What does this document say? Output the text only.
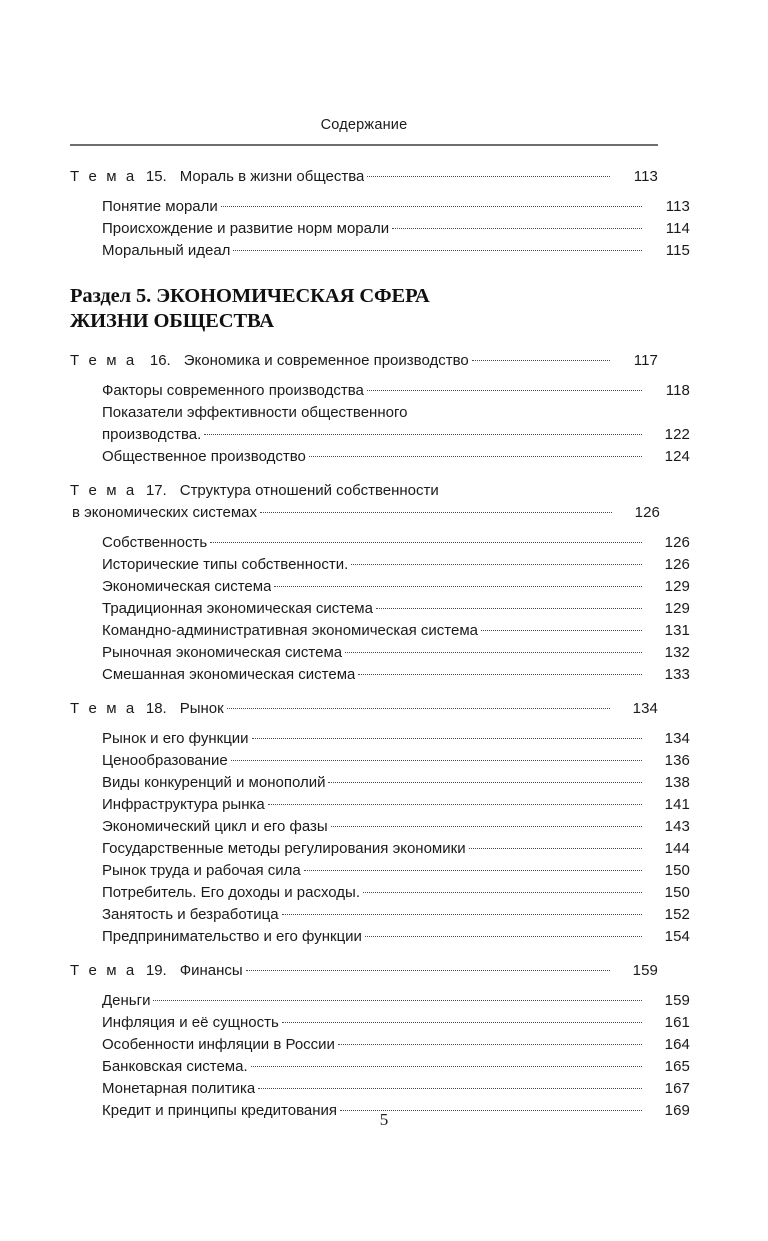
Содержание
Т е м а 15. Мораль в жизни общества	113
Понятие морали	113
Происхождение и развитие норм морали	114
Моральный идеал	115
Раздел 5. ЭКОНОМИЧЕСКАЯ СФЕРА
ЖИЗНИ ОБЩЕСТВА
Т е м а 16. Экономика и современное производство	117
Факторы современного производства	118
Показатели эффективности общественного
производства.	122
Общественное производство	124
Т е м а 17. Структура отношений собственности
в экономических системах	126
Собственность	126
Исторические типы собственности.	126
Экономическая система	129
Традиционная экономическая система	129
Командно-административная экономическая система	131
Рыночная экономическая система	132
Смешанная экономическая система	133
Т е м а 18. Рынок	134
Рынок и его функции	134
Ценообразование	136
Виды конкуренций и монополий	138
Инфраструктура рынка	141
Экономический цикл и его фазы	143
Государственные методы регулирования экономики	144
Рынок труда и рабочая сила	150
Потребитель. Его доходы и расходы.	150
Занятость и безработица	152
Предпринимательство и его функции	154
Т е м а 19. Финансы	159
Деньги	159
Инфляция и её сущность	161
Особенности инфляции в России	164
Банковская система.	165
Монетарная политика	167
Кредит и принципы кредитования	169
5
